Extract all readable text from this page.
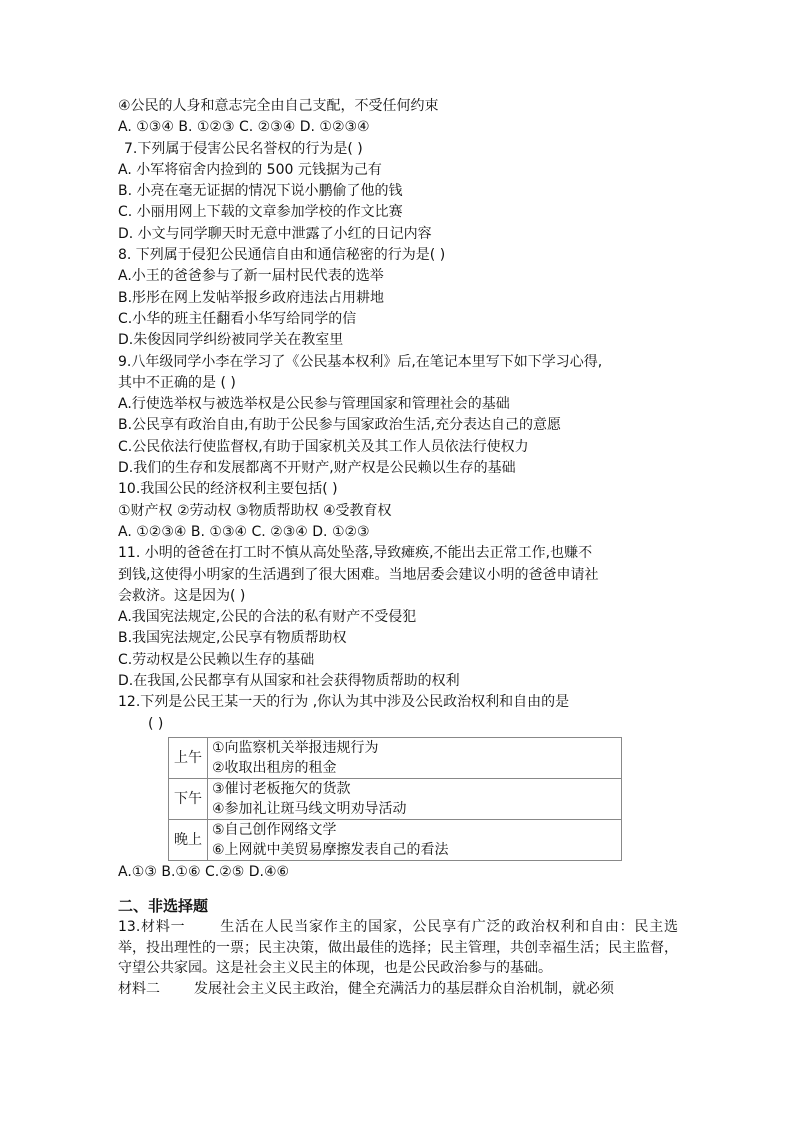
④公民的人身和意志完全由自己支配，不受任何约束
A. ①③④ B. ①②③ C. ②③④ D. ①②③④
7.下列属于侵害公民名誉权的行为是( )
A. 小军将宿舍内捡到的 500 元钱据为己有
B. 小亮在毫无证据的情况下说小鹏偷了他的钱
C. 小丽用网上下载的文章参加学校的作文比赛
D. 小文与同学聊天时无意中泄露了小红的日记内容
8. 下列属于侵犯公民通信自由和通信秘密的行为是( )
A.小王的爸爸参与了新一届村民代表的选举
B.彤彤在网上发帖举报乡政府违法占用耕地
C.小华的班主任翻看小华写给同学的信
D.朱俊因同学纠纷被同学关在教室里
9.八年级同学小李在学习了《公民基本权利》后,在笔记本里写下如下学习心得,
其中不正确的是 ( )
A.行使选举权与被选举权是公民参与管理国家和管理社会的基础
B.公民享有政治自由,有助于公民参与国家政治生活,充分表达自己的意愿
C.公民依法行使监督权,有助于国家机关及其工作人员依法行使权力
D.我们的生存和发展都离不开财产,财产权是公民赖以生存的基础
10.我国公民的经济权利主要包括( )
①财产权 ②劳动权 ③物质帮助权 ④受教育权
A. ①②③④ B. ①③④ C. ②③④ D. ①②③
11. 小明的爸爸在打工时不慎从高处坠落,导致瘫痪,不能出去正常工作,也赚不
到钱,这使得小明家的生活遇到了很大困难。当地居委会建议小明的爸爸申请社
会救济。这是因为( )
A.我国宪法规定,公民的合法的私有财产不受侵犯
B.我国宪法规定,公民享有物质帮助权
C.劳动权是公民赖以生存的基础
D.在我国,公民都享有从国家和社会获得物质帮助的权利
12.下列是公民王某一天的行为 ,你认为其中涉及公民政治权利和自由的是
( )
上午	①向监察机关举报违规行为
②收取出租房的租金

下午	③催讨老板拖欠的货款
④参加礼让斑马线文明劝导活动

晚上	⑤自己创作网络文学
⑥上网就中美贸易摩擦发表自己的看法
A.①③ B.①⑥ C.②⑤ D.④⑥
二、非选择题
13.材料一 生活在人民当家作主的国家，公民享有广泛的政治权利和自由：民主选举，投出理性的一票；民主决策，做出最佳的选择；民主管理，共创幸福生活；民主监督，守望公共家园。这是社会主义民主的体现，也是公民政治参与的基础。
材料二 发展社会主义民主政治，健全充满活力的基层群众自治机制，就必须
